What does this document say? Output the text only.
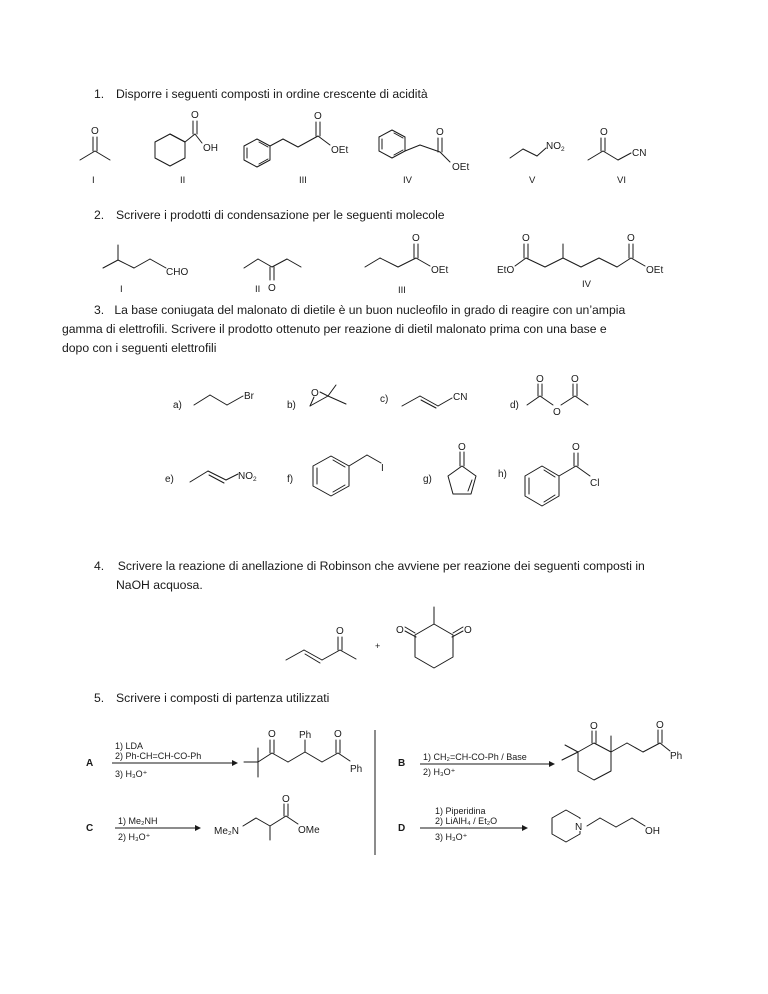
1. Disporre i seguenti composti in ordine crescente di acidità
O
I
O
OH
II
O
OEt
III
O
OEt
IV
$NO_2$
V
O
CN
VI
2. Scrivere i prodotti di condensazione per le seguenti molecole
CHO
I	O
II
O
OEt
III
EtO
O	O
OEt
IV

3. La base coniugata del malonato di dietile è un buon nucleofilo in grado di reagire con un’ampia

gamma di elettrofili. Scrivere il prodotto ottenuto per reazione di dietil malonato prima con una base e

dopo con i seguenti elettrofili

a)
Br
b)
O
c)	CN
d)
O
O
O
e)	$NO_2$	f)
I
g)
O
h)
O
Cl

4. Scrivere la reazione di anellazione di Robinson che avviene per reazione dei seguenti composti in

NaOH acquosa.

O
+
O	O
5. Scrivere i composti di partenza utilizzati
A
1) LDA
2) Ph-CH=CH-CO-Ph
3) H₃O⁺
O Ph O
Ph
B
1) CH₂=CH-CO-Ph / Base
2) H₃O⁺
O	O
Ph
C
1) Me₂NH
2) H₃O⁺	Me₂N
O
OMe	D
1) Piperidina
2) LiAlH₄ / Et₂O
3) H₃O⁺
N	OH
